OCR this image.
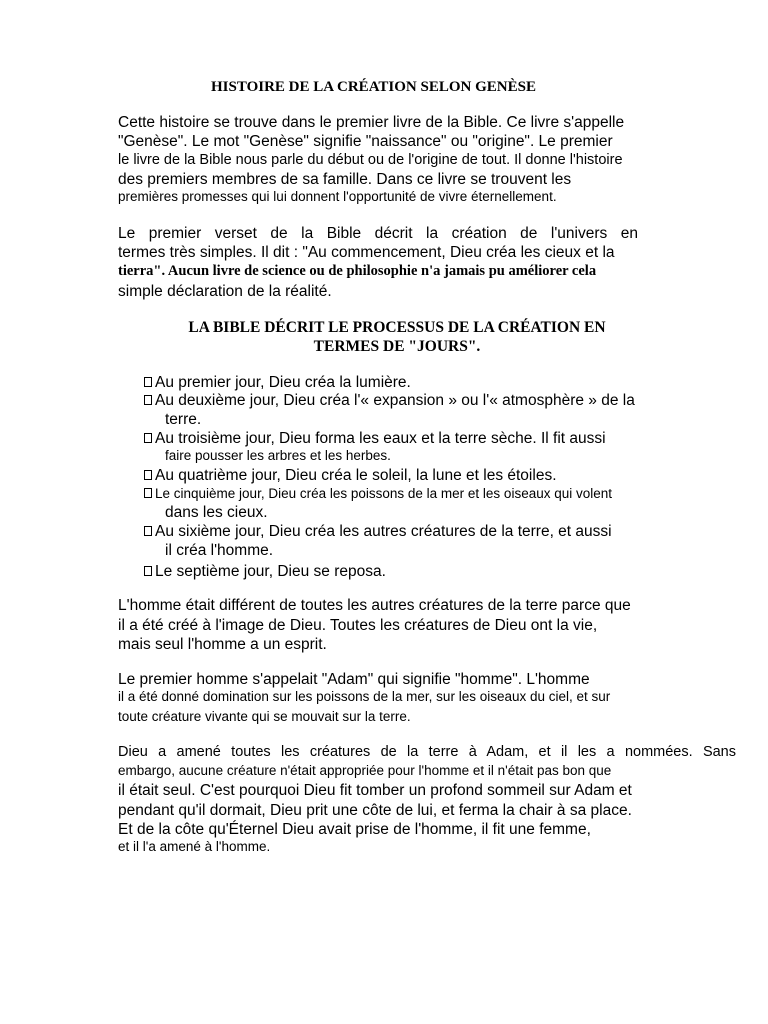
HISTOIRE DE LA CRÉATION SELON GENÈSE
Cette histoire se trouve dans le premier livre de la Bible. Ce livre s'appelle
"Genèse". Le mot "Genèse" signifie "naissance" ou "origine". Le premier
le livre de la Bible nous parle du début ou de l'origine de tout. Il donne l'histoire
des premiers membres de sa famille. Dans ce livre se trouvent les
premières promesses qui lui donnent l'opportunité de vivre éternellement.
Le premier verset de la Bible décrit la création de l'univers en
termes très simples. Il dit : "Au commencement, Dieu créa les cieux et la
tierra". Aucun livre de science ou de philosophie n'a jamais pu améliorer cela
simple déclaration de la réalité.
LA BIBLE DÉCRIT LE PROCESSUS DE LA CRÉATION EN
TERMES DE "JOURS".
Au premier jour, Dieu créa la lumière.
Au deuxième jour, Dieu créa l'« expansion » ou l'« atmosphère » de la
terre.
Au troisième jour, Dieu forma les eaux et la terre sèche. Il fit aussi
faire pousser les arbres et les herbes.
Au quatrième jour, Dieu créa le soleil, la lune et les étoiles.
Le cinquième jour, Dieu créa les poissons de la mer et les oiseaux qui volent
dans les cieux.
Au sixième jour, Dieu créa les autres créatures de la terre, et aussi
il créa l'homme.
Le septième jour, Dieu se reposa.
L'homme était différent de toutes les autres créatures de la terre parce que
il a été créé à l'image de Dieu. Toutes les créatures de Dieu ont la vie,
mais seul l'homme a un esprit.
Le premier homme s'appelait "Adam" qui signifie "homme". L'homme
il a été donné domination sur les poissons de la mer, sur les oiseaux du ciel, et sur
toute créature vivante qui se mouvait sur la terre.
Dieu a amené toutes les créatures de la terre à Adam, et il les a nommées. Sans
embargo, aucune créature n'était appropriée pour l'homme et il n'était pas bon que
il était seul. C'est pourquoi Dieu fit tomber un profond sommeil sur Adam et
pendant qu'il dormait, Dieu prit une côte de lui, et ferma la chair à sa place.
Et de la côte qu'Éternel Dieu avait prise de l'homme, il fit une femme,
et il l'a amené à l'homme.
